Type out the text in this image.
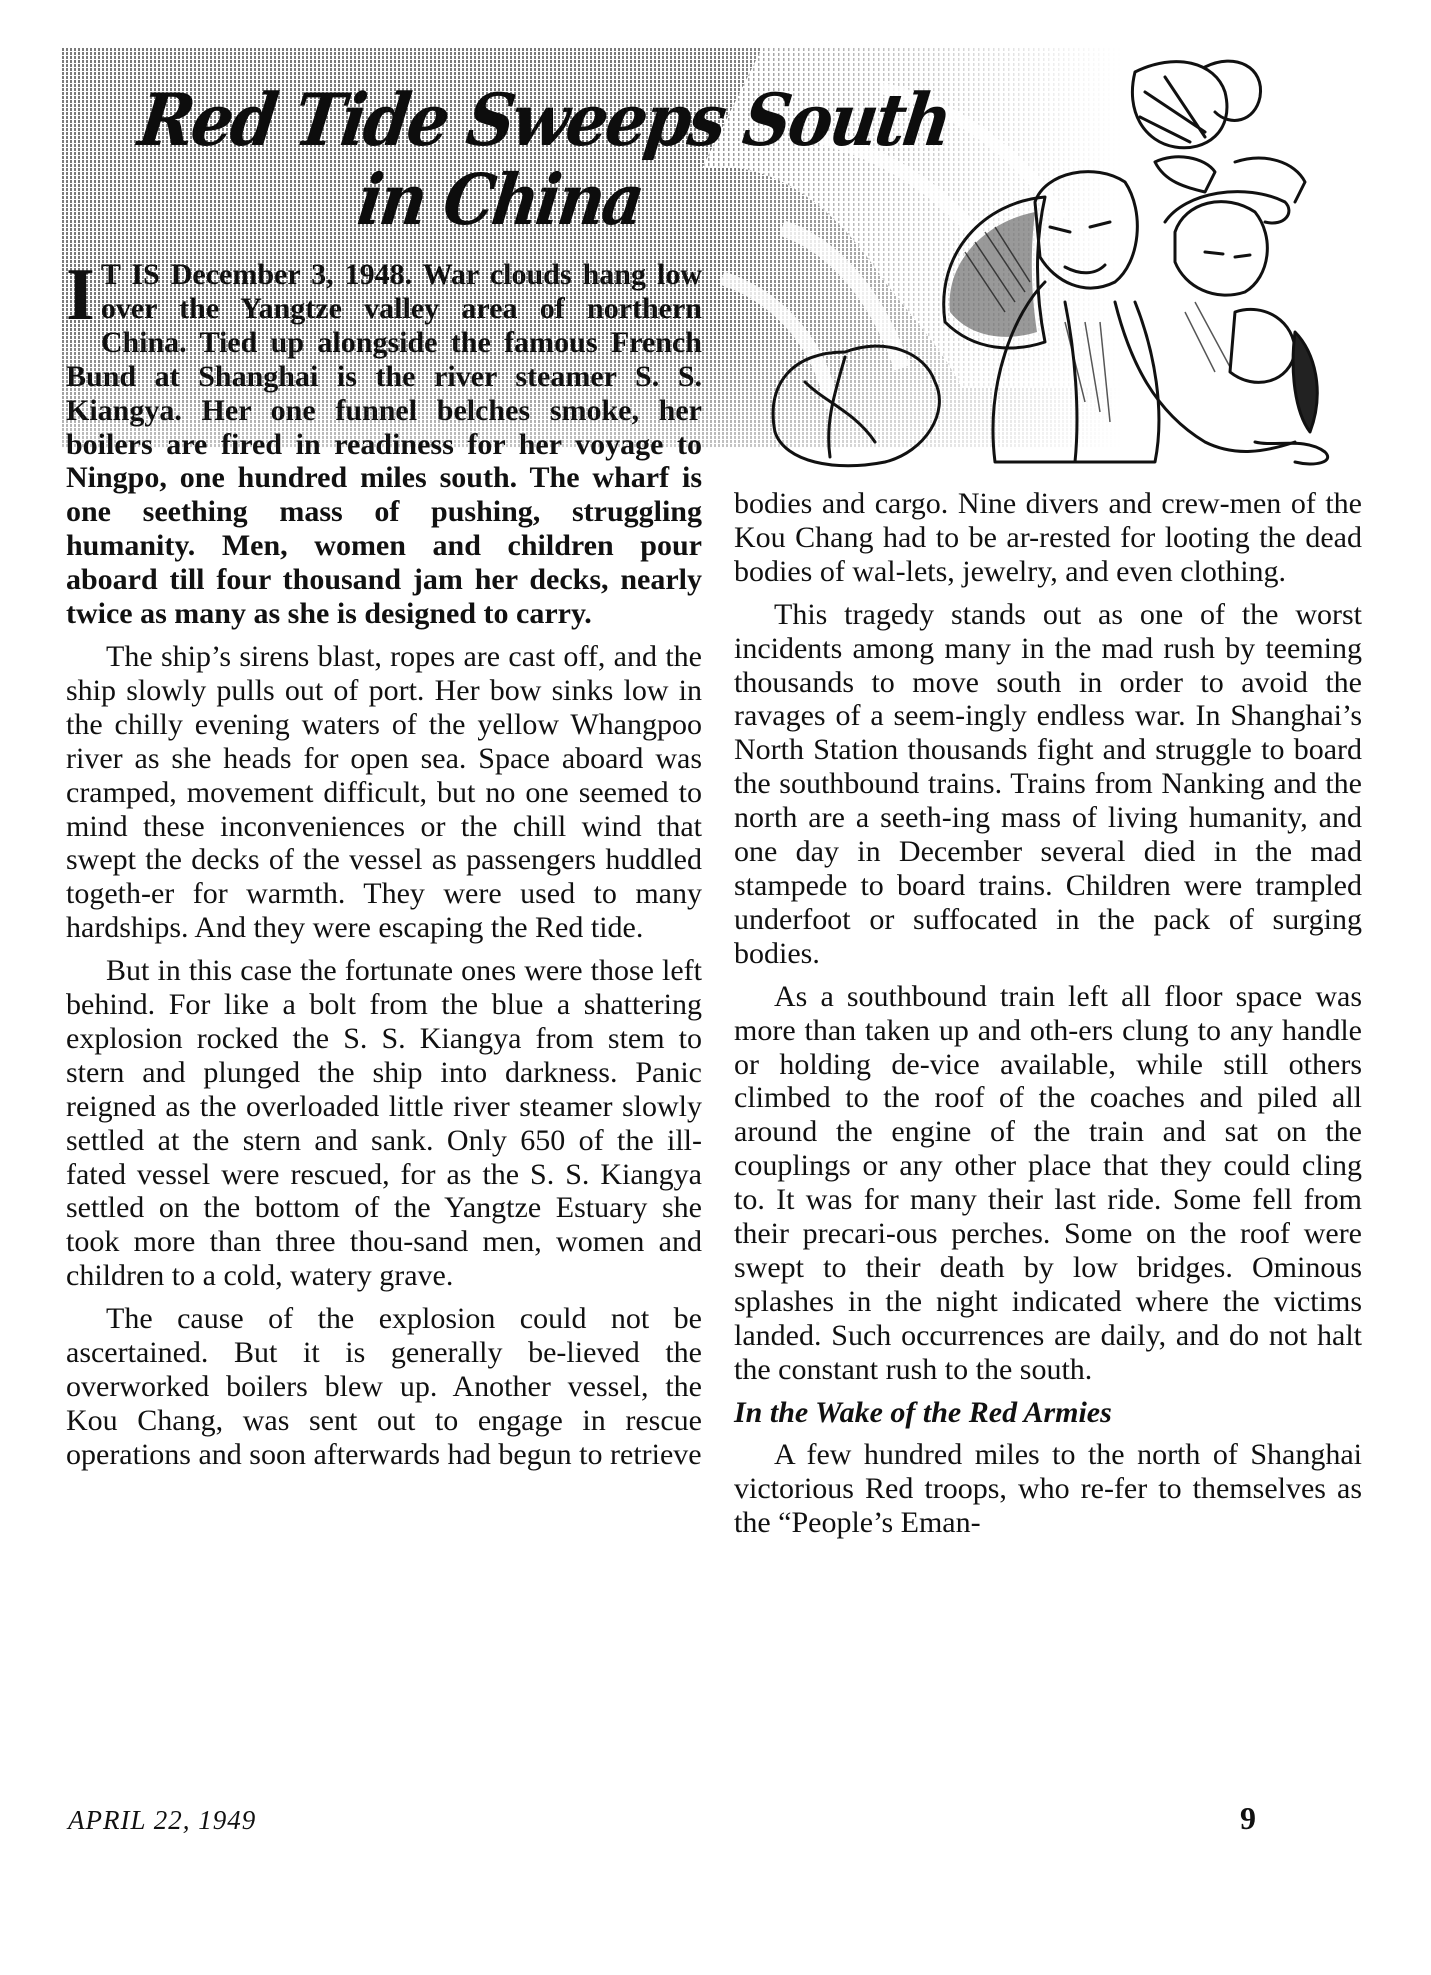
Red Tide Sweeps South
in China

I T IS December 3, 1948. War clouds hang low over the Yangtze valley area of northern China. Tied up alongside the famous French Bund at Shanghai is the river steamer S. S. Kiangya. Her one funnel belches smoke, her boilers are fired in readiness for her voyage to Ningpo, one hundred miles south. The wharf is one seething mass of pushing, struggling humanity. Men, women and children pour aboard till four thousand jam her decks, nearly twice as many as she is designed to carry.

The ship’s sirens blast, ropes are cast off, and the ship slowly pulls out of port. Her bow sinks low in the chilly evening waters of the yellow Whangpoo river as she heads for open sea. Space aboard was cramped, movement difficult, but no one seemed to mind these inconveniences or the chill wind that swept the decks of the vessel as passengers huddled togeth-er for warmth. They were used to many hardships. And they were escaping the Red tide.

But in this case the fortunate ones were those left behind. For like a bolt from the blue a shattering explosion rocked the S. S. Kiangya from stem to stern and plunged the ship into darkness. Panic reigned as the overloaded little river steamer slowly settled at the stern and sank. Only 650 of the ill-fated vessel were rescued, for as the S. S. Kiangya settled on the bottom of the Yangtze Estuary she took more than three thou-sand men, women and children to a cold, watery grave.

The cause of the explosion could not be ascertained. But it is generally be-lieved the overworked boilers blew up. Another vessel, the Kou Chang, was sent out to engage in rescue operations and soon afterwards had begun to retrieve

bodies and cargo. Nine divers and crew-men of the Kou Chang had to be ar-rested for looting the dead bodies of wal-lets, jewelry, and even clothing.

This tragedy stands out as one of the worst incidents among many in the mad rush by teeming thousands to move south in order to avoid the ravages of a seem-ingly endless war. In Shanghai’s North Station thousands fight and struggle to board the southbound trains. Trains from Nanking and the north are a seeth-ing mass of living humanity, and one day in December several died in the mad stampede to board trains. Children were trampled underfoot or suffocated in the pack of surging bodies.

As a southbound train left all floor space was more than taken up and oth-ers clung to any handle or holding de-vice available, while still others climbed to the roof of the coaches and piled all around the engine of the train and sat on the couplings or any other place that they could cling to. It was for many their last ride. Some fell from their precari-ous perches. Some on the roof were swept to their death by low bridges. Ominous splashes in the night indicated where the victims landed. Such occurrences are daily, and do not halt the constant rush to the south.

In the Wake of the Red Armies

A few hundred miles to the north of Shanghai victorious Red troops, who re-fer to themselves as the “People’s Eman-

APRIL 22, 1949	9
